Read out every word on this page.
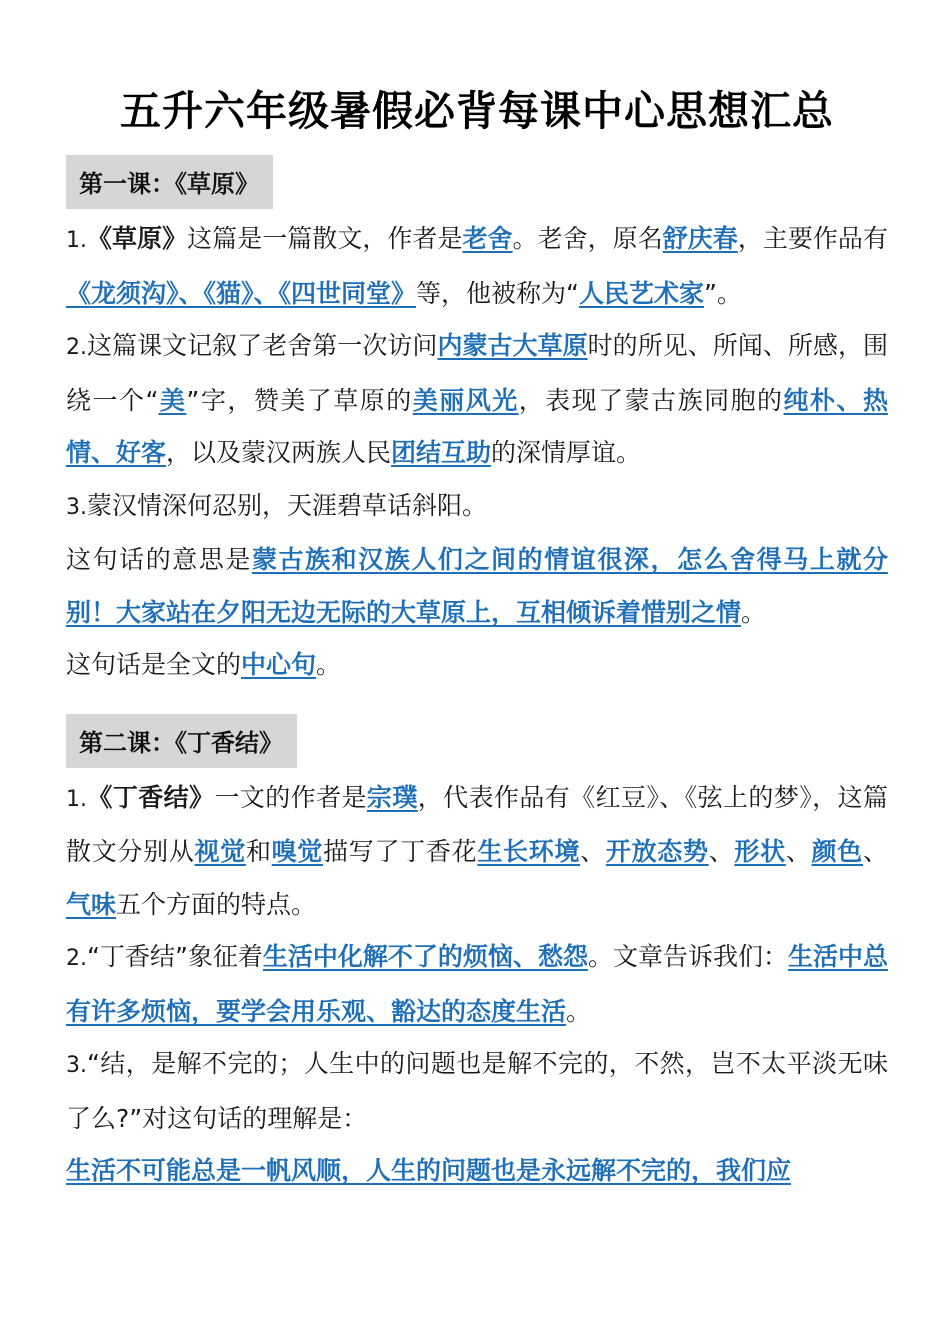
五升六年级暑假必背每课中心思想汇总
第一课：《草原》

1.《草原》这篇是一篇散文，作者是老舍。老舍，原名舒庆春，主要作品有《龙须沟》、《猫》、《四世同堂》等，他被称为“人民艺术家”。

2.这篇课文记叙了老舍第一次访问内蒙古大草原时的所见、所闻、所感，围绕一个“美”字，赞美了草原的美丽风光，表现了蒙古族同胞的纯朴、热情、好客，以及蒙汉两族人民团结互助的深情厚谊。

3.蒙汉情深何忍别，天涯碧草话斜阳。

这句话的意思是蒙古族和汉族人们之间的情谊很深，怎么舍得马上就分别！大家站在夕阳无边无际的大草原上，互相倾诉着惜别之情。

这句话是全文的中心句。

第二课：《丁香结》

1.《丁香结》一文的作者是宗璞，代表作品有《红豆》、《弦上的梦》，这篇散文分别从视觉和嗅觉描写了丁香花生长环境、开放态势、形状、颜色、气味五个方面的特点。

2.“丁香结”象征着生活中化解不了的烦恼、愁怨。文章告诉我们：生活中总有许多烦恼，要学会用乐观、豁达的态度生活。

3.“结，是解不完的；人生中的问题也是解不完的，不然，岂不太平淡无味了么?”对这句话的理解是：

生活不可能总是一帆风顺，人生的问题也是永远解不完的，我们应
